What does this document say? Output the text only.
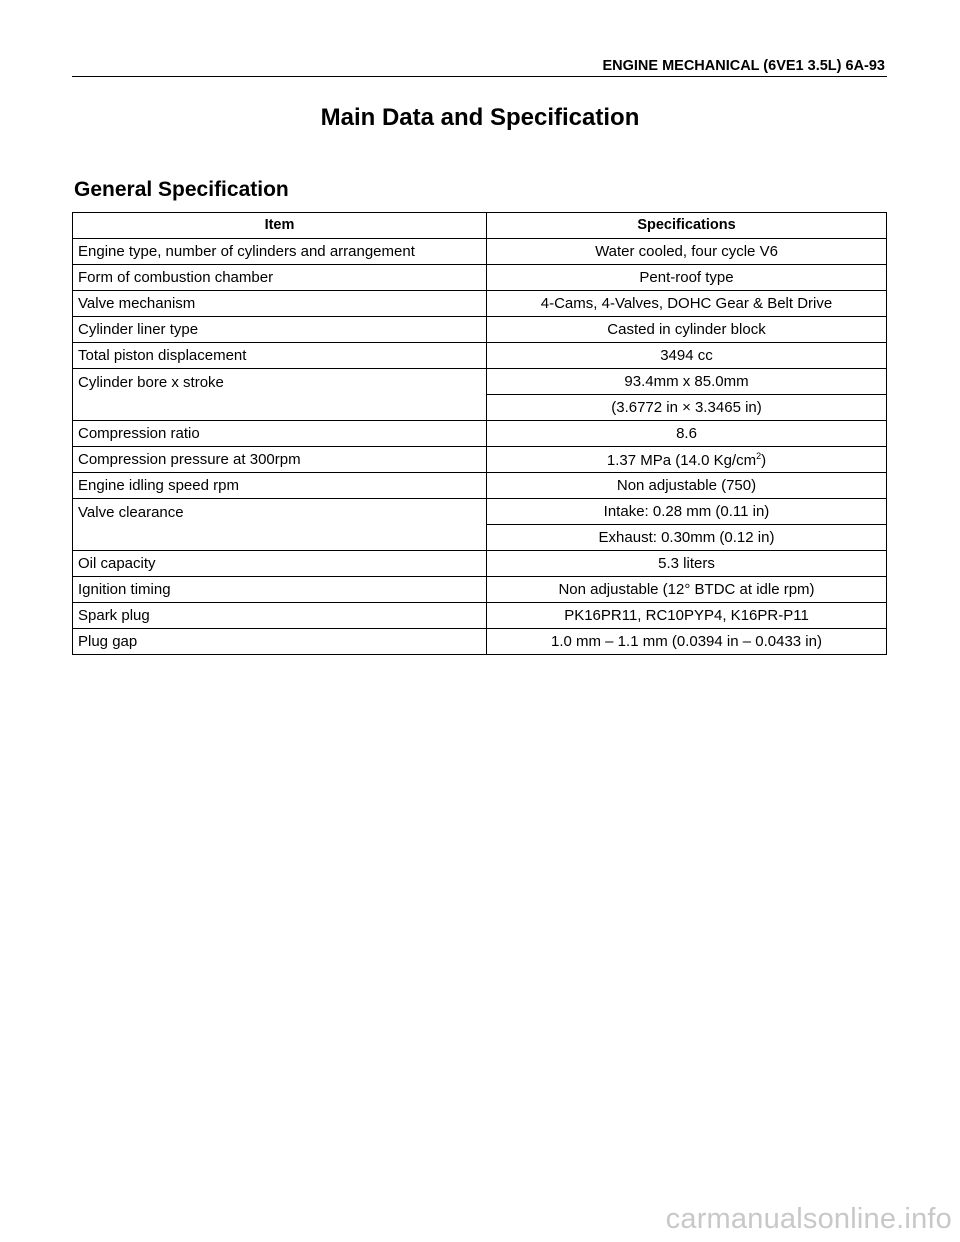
ENGINE MECHANICAL (6VE1 3.5L) 6A-93
Main Data and Specification
General Specification
Item	Specifications
Engine type, number of cylinders and arrangement	Water cooled, four cycle V6
Form of combustion chamber	Pent-roof type
Valve mechanism	4-Cams, 4-Valves, DOHC Gear & Belt Drive
Cylinder liner type	Casted in cylinder block
Total piston displacement	3494 cc
Cylinder bore x stroke	93.4mm x 85.0mm
	(3.6772 in × 3.3465 in)
Compression ratio	8.6
Compression pressure at 300rpm	1.37 MPa (14.0 $Kg/cm^2$)
Engine idling speed rpm	Non adjustable (750)
Valve clearance	Intake: 0.28 mm (0.11 in)
	Exhaust: 0.30mm (0.12 in)
Oil capacity	5.3 liters
Ignition timing	Non adjustable (12° BTDC at idle rpm)
Spark plug	PK16PR11, RC10PYP4, K16PR-P11
Plug gap	1.0 mm – 1.1 mm (0.0394 in – 0.0433 in)
carmanualsonline.info
